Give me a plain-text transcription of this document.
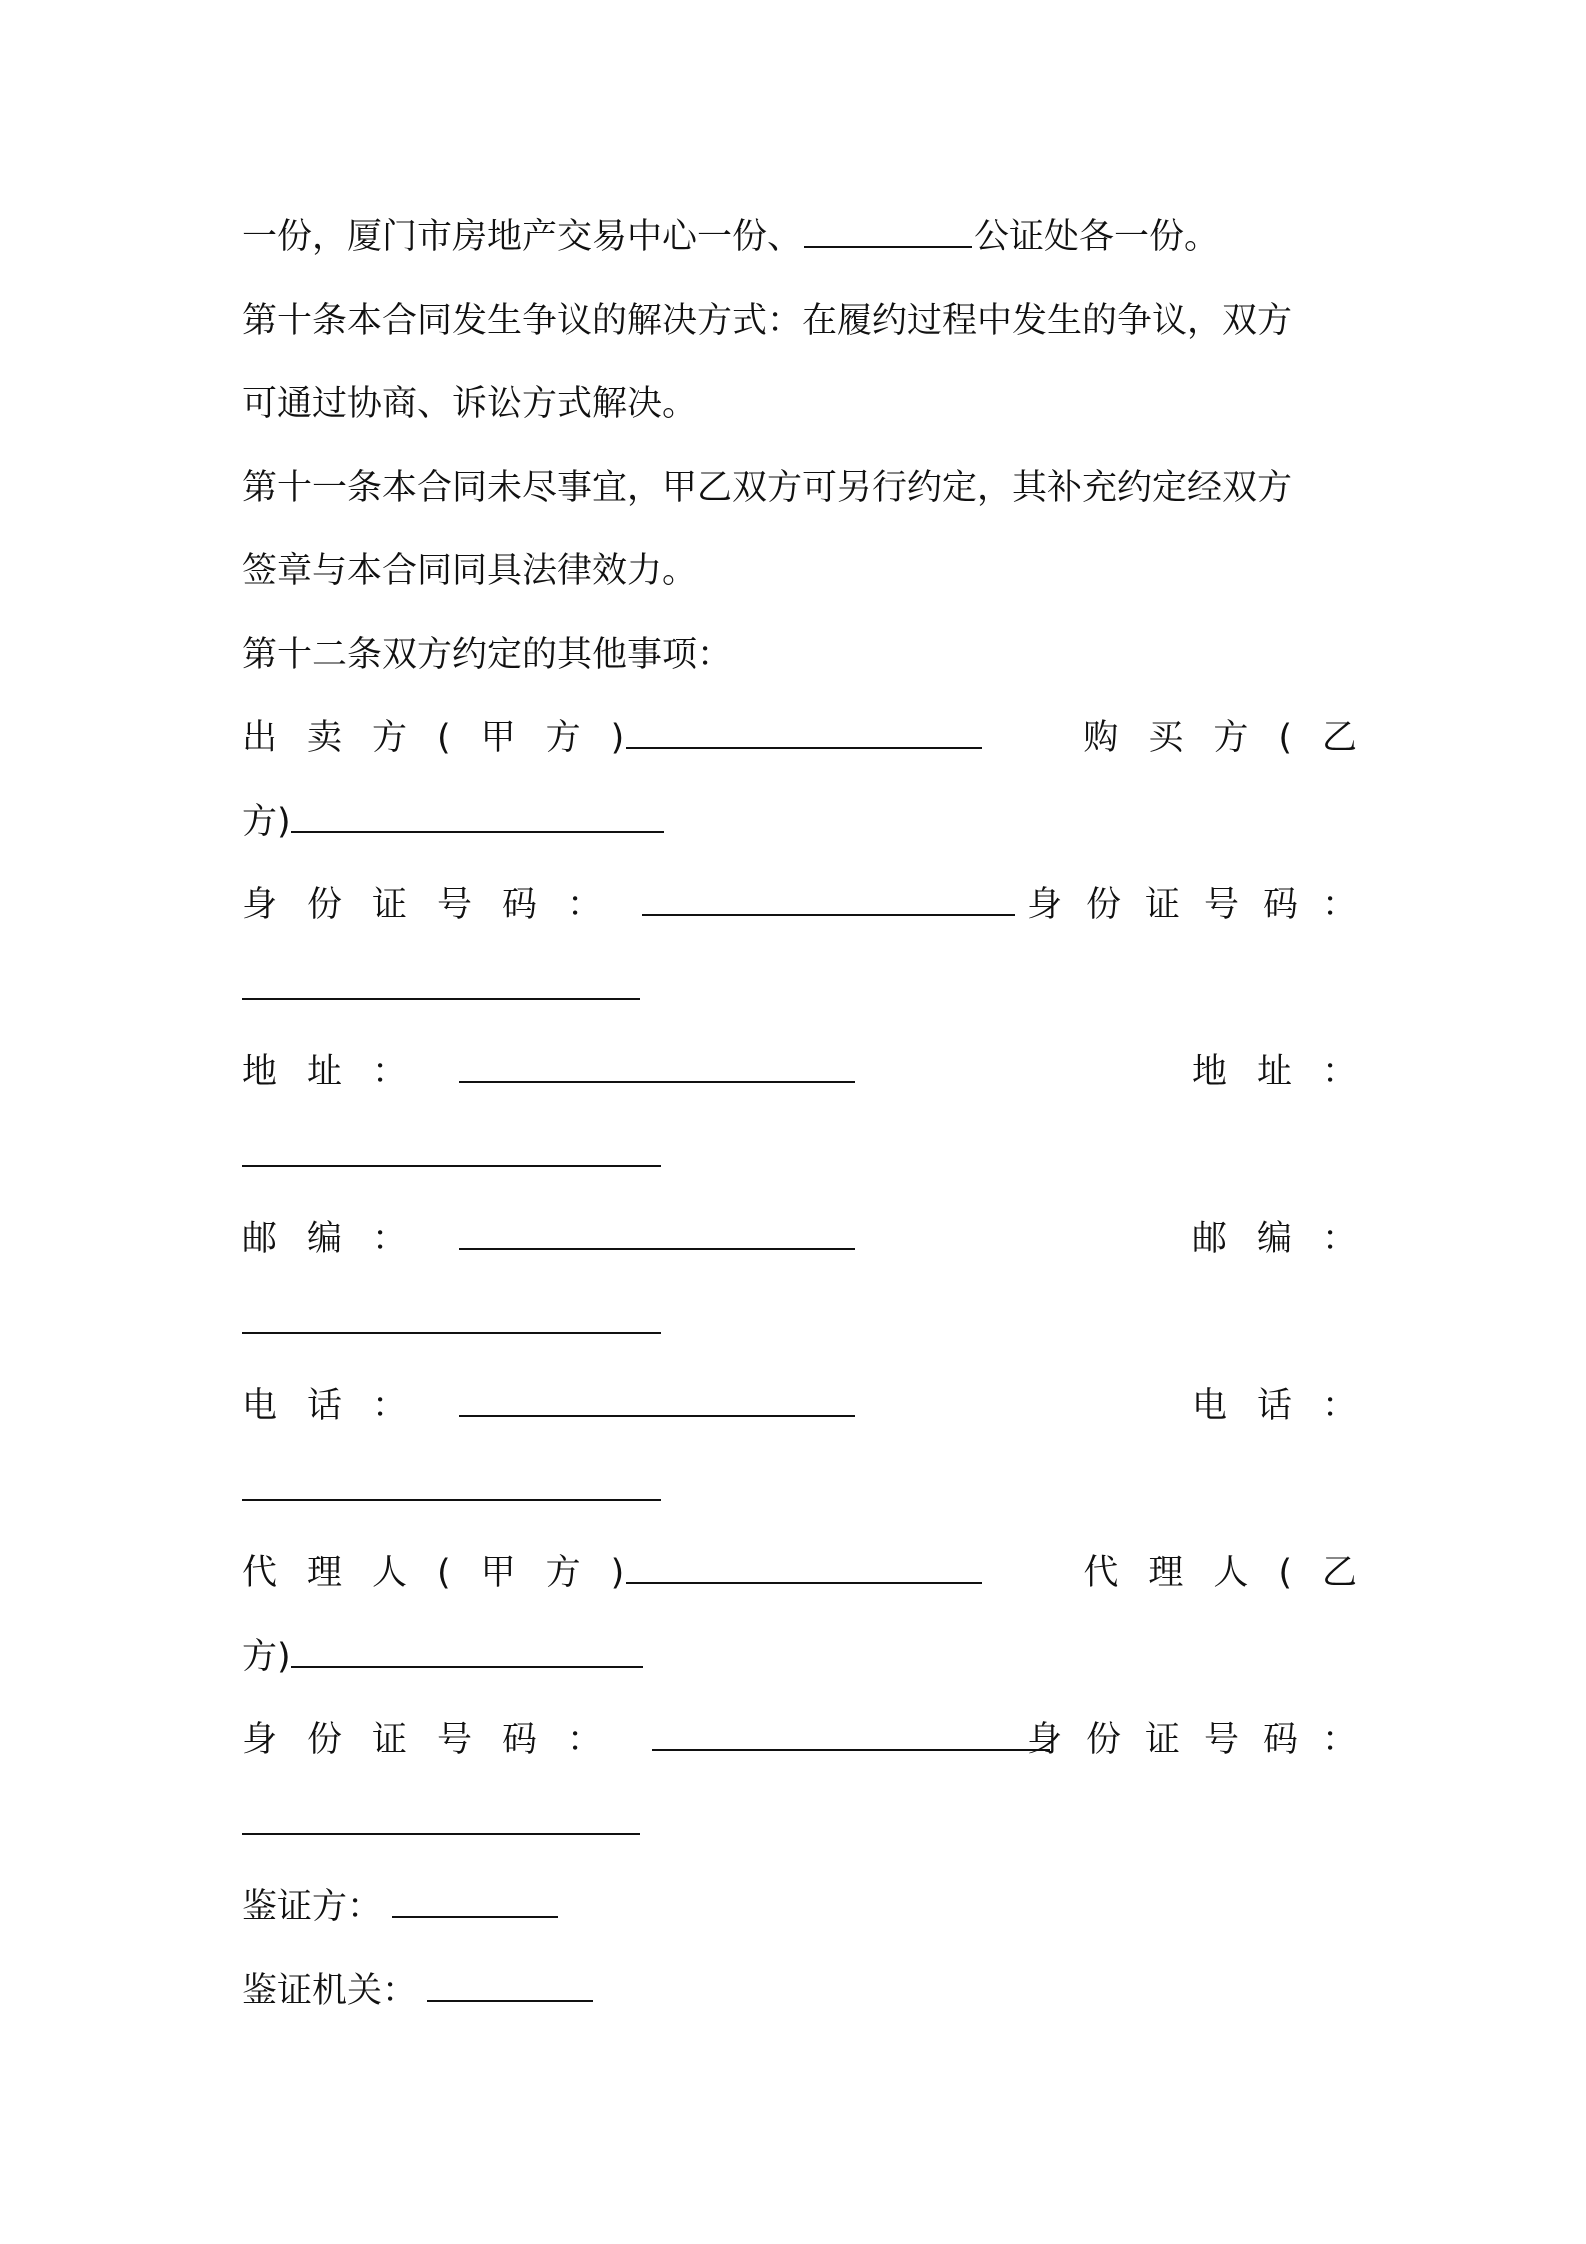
一份，厦门市房地产交易中心一份、	公证处各一份。
第十条本合同发生争议的解决方式：在履约过程中发生的争议，双方
可通过协商、诉讼方式解决。
第十一条本合同未尽事宜，甲乙双方可另行约定，其补充约定经双方
签章与本合同同具法律效力。
第十二条双方约定的其他事项：
出卖方(甲方)	购买方(乙
方)
身份证号码：	身份证号码：
地址：	地址：
邮编：	邮编：
电话：	电话：
代理人(甲方)	代理人(乙
方)
身份证号码：	身份证号码：
鉴证方：
鉴证机关：
